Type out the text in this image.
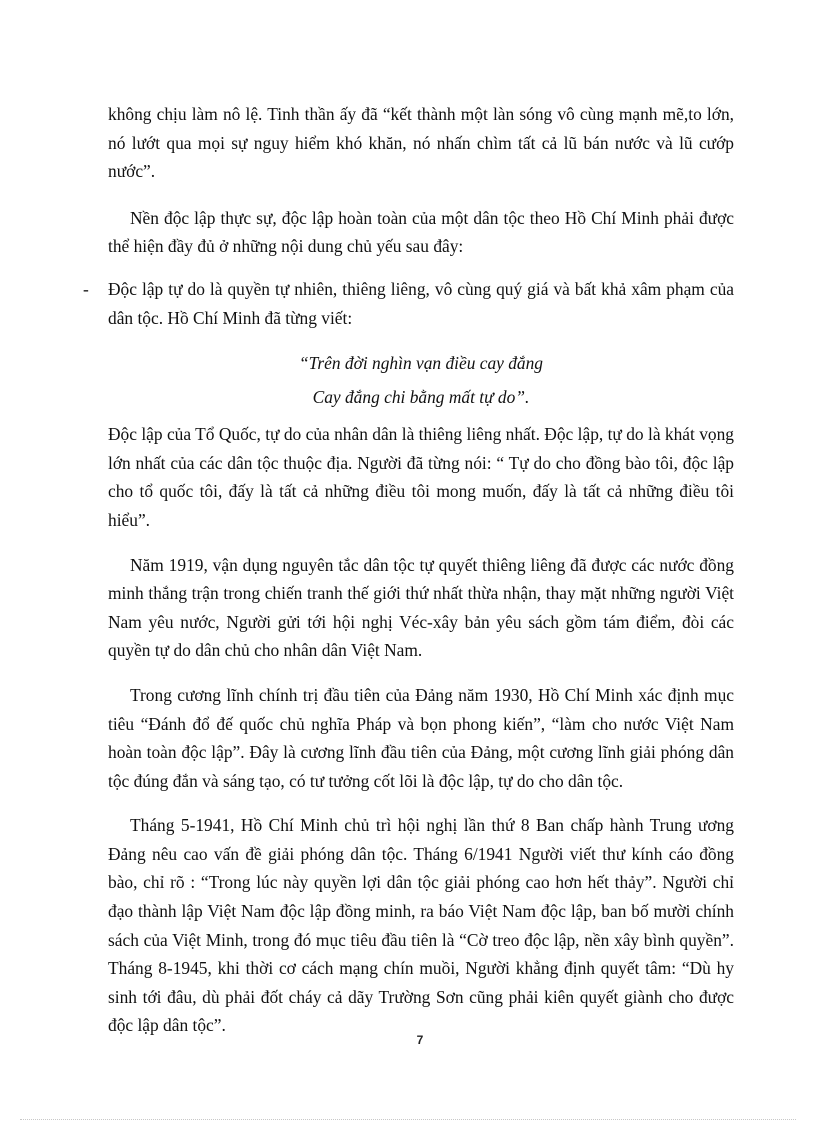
không chịu làm nô lệ. Tinh thần ấy đã “kết thành một làn sóng vô cùng mạnh mẽ,to lớn, nó lướt qua mọi sự nguy hiểm khó khăn, nó nhấn chìm tất cả lũ bán nước và lũ cướp nước”.

Nền độc lập thực sự, độc lập hoàn toàn của một dân tộc theo Hồ Chí Minh phải được thể hiện đầy đủ ở những nội dung chủ yếu sau đây:

- Độc lập tự do là quyền tự nhiên, thiêng liêng, vô cùng quý giá và bất khả xâm phạm của dân tộc. Hồ Chí Minh đã từng viết:

“Trên đời nghìn vạn điều cay đắng
Cay đắng chi bằng mất tự do”.

Độc lập của Tổ Quốc, tự do của nhân dân là thiêng liêng nhất. Độc lập, tự do là khát vọng lớn nhất của các dân tộc thuộc địa. Người đã từng nói: “ Tự do cho đồng bào tôi, độc lập cho tổ quốc tôi, đấy là tất cả những điều tôi mong muốn, đấy là tất cả những điều tôi hiểu”.

Năm 1919, vận dụng nguyên tắc dân tộc tự quyết thiêng liêng đã được các nước đồng minh thắng trận trong chiến tranh thế giới thứ nhất thừa nhận, thay mặt những người Việt Nam yêu nước, Người gửi tới hội nghị Véc-xây bản yêu sách gồm tám điểm, đòi các quyền tự do dân chủ cho nhân dân Việt Nam.

Trong cương lĩnh chính trị đầu tiên của Đảng năm 1930, Hồ Chí Minh xác định mục tiêu “Đánh đổ đế quốc chủ nghĩa Pháp và bọn phong kiến”, “làm cho nước Việt Nam hoàn toàn độc lập”. Đây là cương lĩnh đầu tiên của Đảng, một cương lĩnh giải phóng dân tộc đúng đắn và sáng tạo, có tư tưởng cốt lõi là độc lập, tự do cho dân tộc.

Tháng 5-1941, Hồ Chí Minh chủ trì hội nghị lần thứ 8 Ban chấp hành Trung ương Đảng nêu cao vấn đề giải phóng dân tộc. Tháng 6/1941 Người viết thư kính cáo đồng bào, chỉ rõ : “Trong lúc này quyền lợi dân tộc giải phóng cao hơn hết thảy”. Người chỉ đạo thành lập Việt Nam độc lập đồng minh, ra báo Việt Nam độc lập, ban bố mười chính sách của Việt Minh, trong đó mục tiêu đầu tiên là “Cờ treo độc lập, nền xây bình quyền”. Tháng 8-1945, khi thời cơ cách mạng chín muồi, Người khẳng định quyết tâm: “Dù hy sinh tới đâu, dù phải đốt cháy cả dãy Trường Sơn cũng phải kiên quyết giành cho được độc lập dân tộc”.

7
